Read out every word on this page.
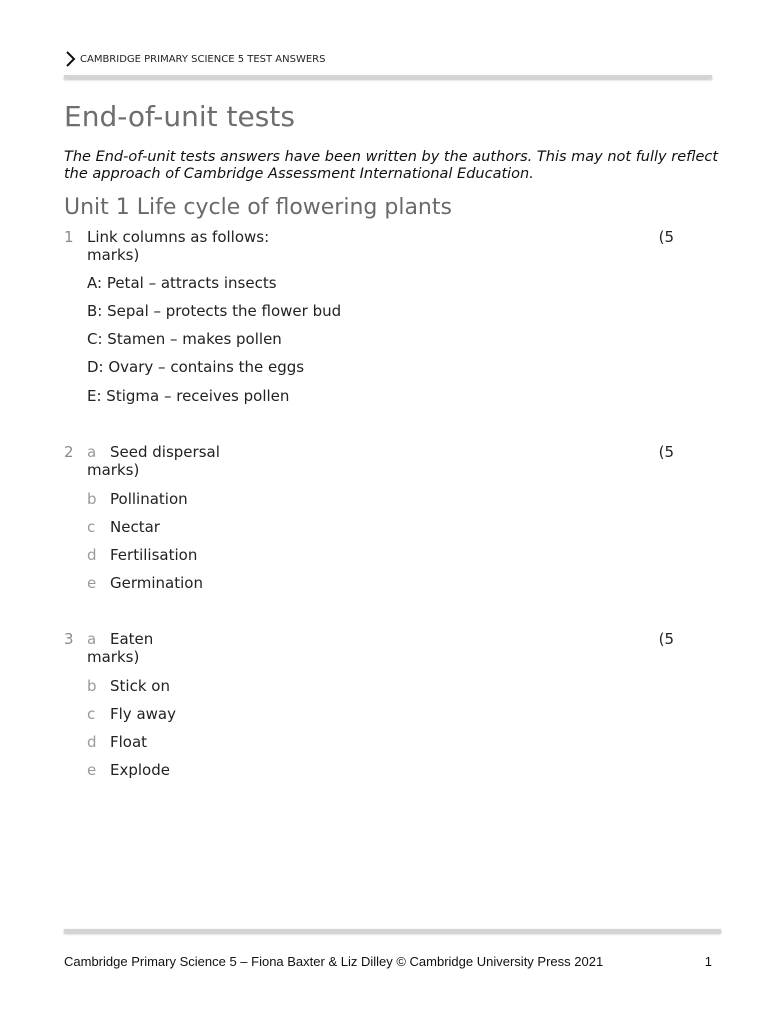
CAMBRIDGE PRIMARY SCIENCE 5 TEST ANSWERS
End-of-unit tests
The End-of-unit tests answers have been written by the authors. This may not fully reflect the approach of Cambridge Assessment International Education.
Unit 1 Life cycle of flowering plants
1 Link columns as follows:	(5
marks)
A: Petal – attracts insects
B: Sepal – protects the flower bud
C: Stamen – makes pollen
D: Ovary – contains the eggs
E: Stigma – receives pollen
2	(5
marks)
a Seed dispersal
b Pollination
c Nectar
d Fertilisation
e Germination
3	(5
marks)
a Eaten
b Stick on
c Fly away
d Float
e Explode
Cambridge Primary Science 5 – Fiona Baxter & Liz Dilley © Cambridge University Press 2021	1
